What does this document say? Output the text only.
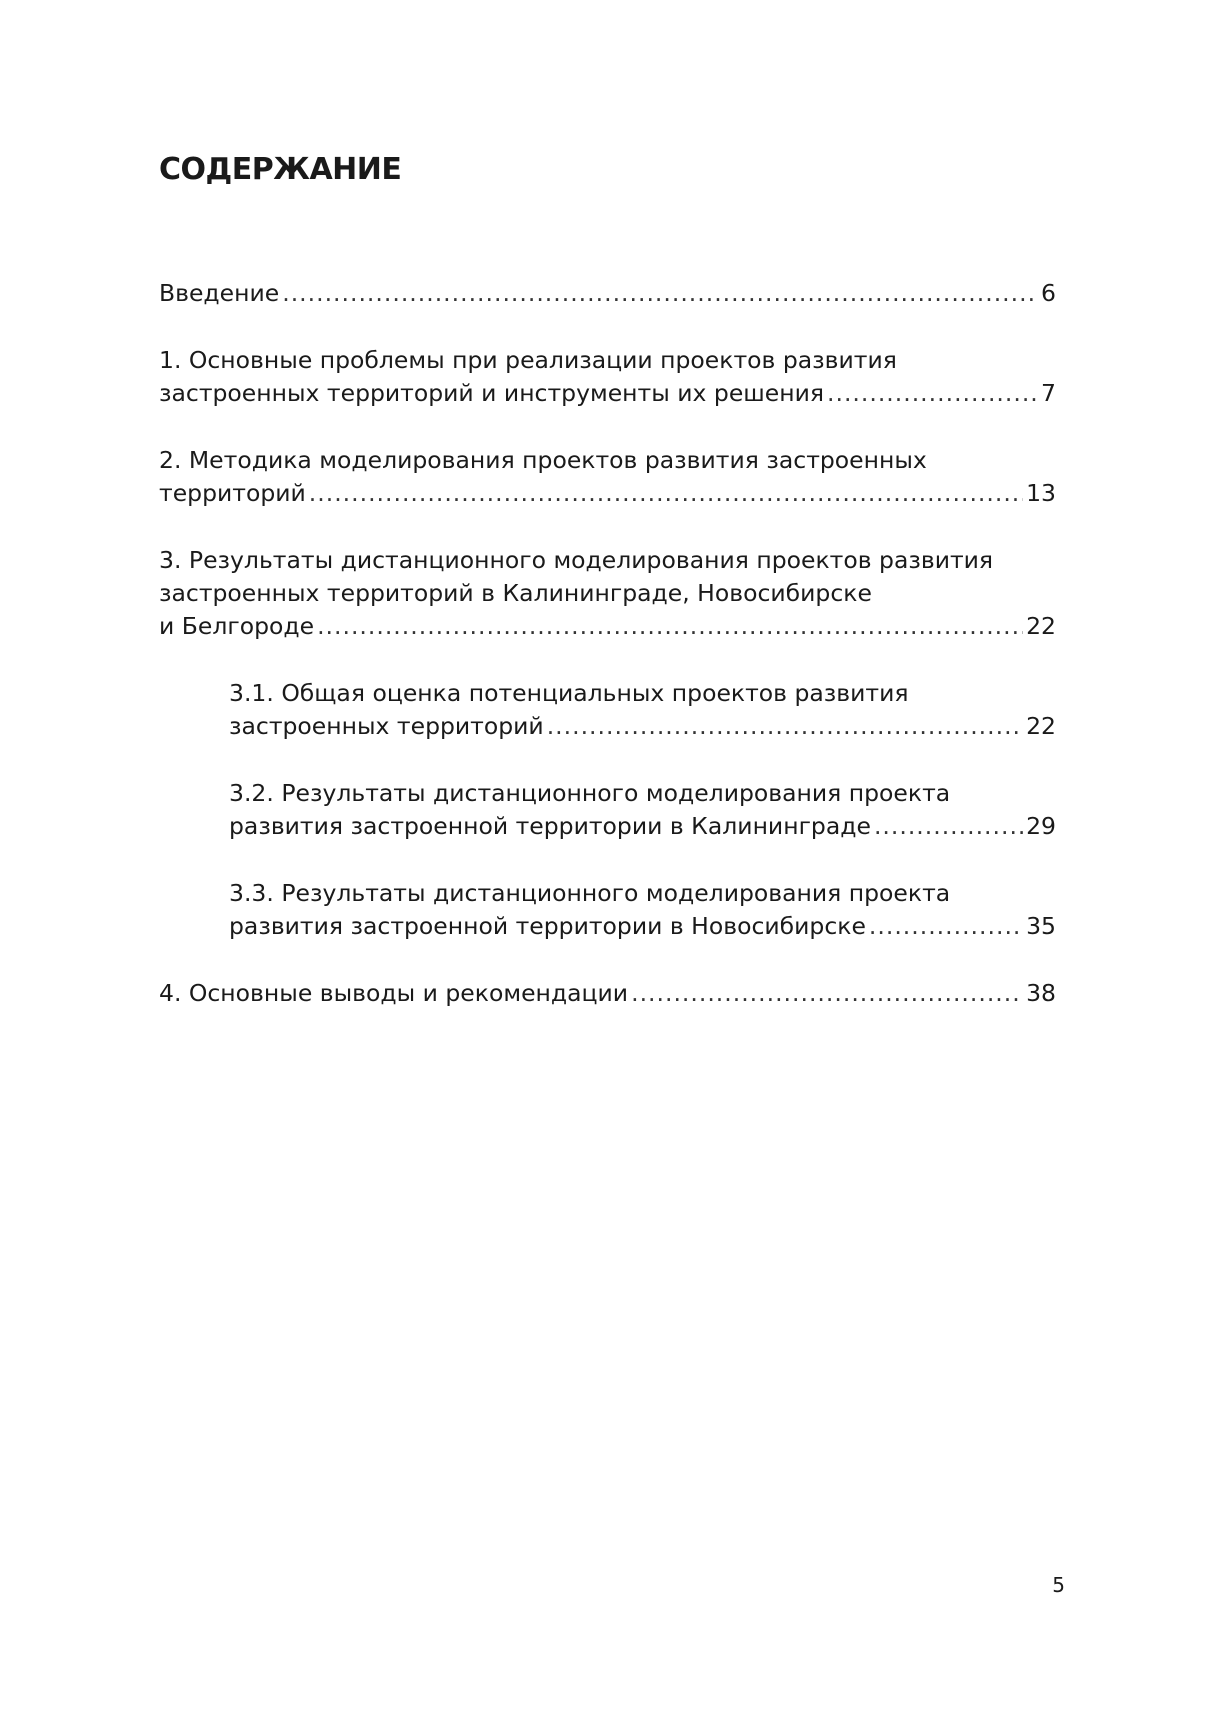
СОДЕРЖАНИЕ
Введение .....	6
1. Основные проблемы при реализации проектов развития
застроенных территорий и инструменты их решения .....	7
2. Методика моделирования проектов развития застроенных
территорий .....	13
3. Результаты дистанционного моделирования проектов развития
застроенных территорий в Калининграде, Новосибирске
и Белгороде .....	22
3.1. Общая оценка потенциальных проектов развития
застроенных территорий .....	22
3.2. Результаты дистанционного моделирования проекта
развития застроенной территории в Калининграде .....	29
3.3. Результаты дистанционного моделирования проекта
развития застроенной территории в Новосибирске .....	35
4. Основные выводы и рекомендации .....	38
5
